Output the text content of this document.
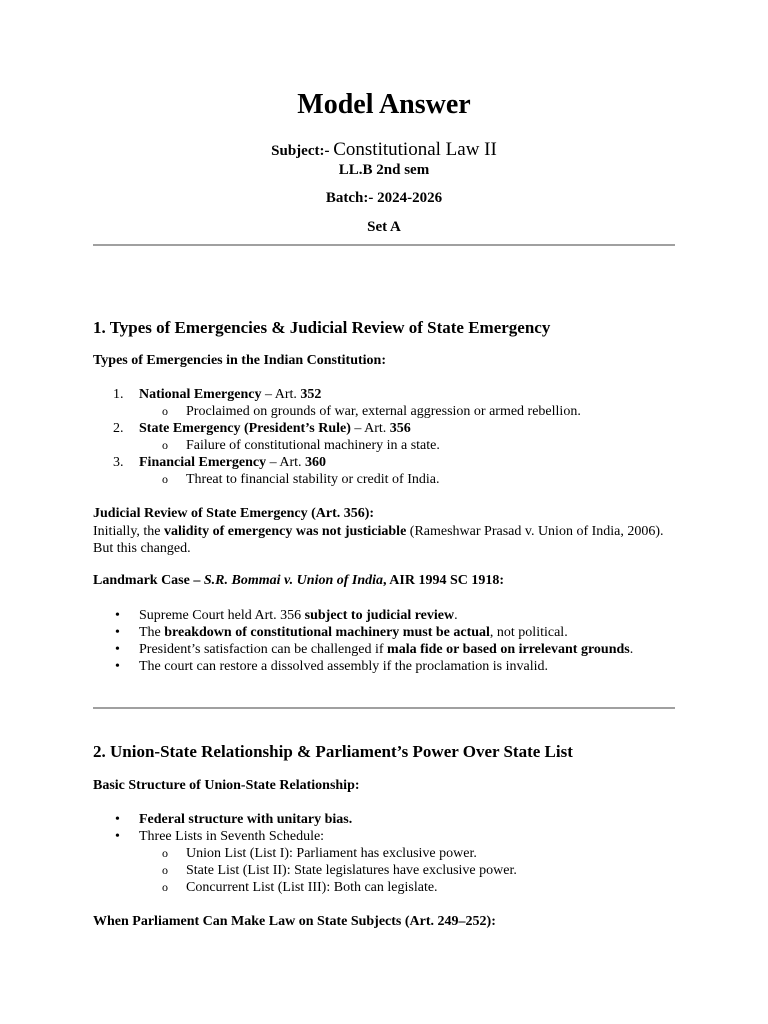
Model Answer
Subject:- Constitutional Law II
LL.B 2nd sem
Batch:- 2024-2026
Set A
1. Types of Emergencies & Judicial Review of State Emergency
Types of Emergencies in the Indian Constitution:
1.	National Emergency – Art. 352
o Proclaimed on grounds of war, external aggression or armed rebellion.
2.	State Emergency (President’s Rule) – Art. 356
o Failure of constitutional machinery in a state.
3.	Financial Emergency – Art. 360
o Threat to financial stability or credit of India.
Judicial Review of State Emergency (Art. 356):
Initially, the validity of emergency was not justiciable (Rameshwar Prasad v. Union of India, 2006). But this changed.
Landmark Case – S.R. Bommai v. Union of India, AIR 1994 SC 1918:
•	Supreme Court held Art. 356 subject to judicial review.
•	The breakdown of constitutional machinery must be actual, not political.
•	President’s satisfaction can be challenged if mala fide or based on irrelevant grounds.
•	The court can restore a dissolved assembly if the proclamation is invalid.
2. Union-State Relationship & Parliament’s Power Over State List
Basic Structure of Union-State Relationship:
•	Federal structure with unitary bias.
•	Three Lists in Seventh Schedule:
o Union List (List I): Parliament has exclusive power.
o State List (List II): State legislatures have exclusive power.
o Concurrent List (List III): Both can legislate.
When Parliament Can Make Law on State Subjects (Art. 249–252):
